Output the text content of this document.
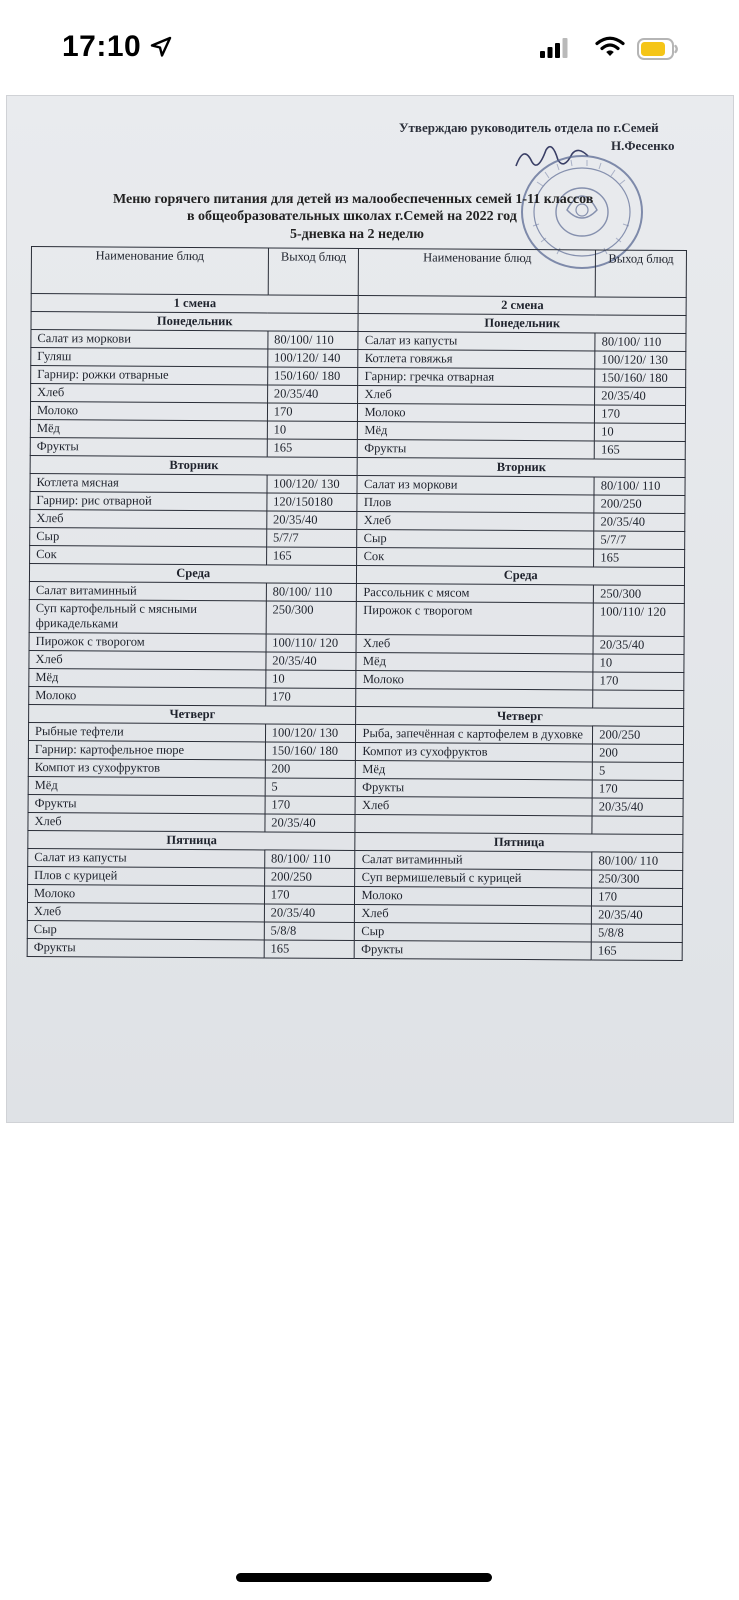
17:10
Утверждаю руководитель отдела по г.Семей
Н.Фесенко
Меню горячего питания для детей из малообеспеченных семей 1-11 классов
в общеобразовательных школах г.Семей на 2022 год
5-дневка на 2 неделю
Наименование блюд	Выход блюд	Наименование блюд	Выход блюд
1 смена		2 смена	
Понедельник		Понедельник	
Салат из моркови	80/100/ 110	Салат из капусты	80/100/ 110
Гуляш	100/120/ 140	Котлета говяжья	100/120/ 130
Гарнир: рожки отварные	150/160/ 180	Гарнир: гречка отварная	150/160/ 180
Хлеб	20/35/40	Хлеб	20/35/40
Молоко	170	Молоко	170
Мёд	10	Мёд	10
Фрукты	165	Фрукты	165
Вторник		Вторник	
Котлета мясная	100/120/ 130	Салат из моркови	80/100/ 110
Гарнир: рис отварной	120/150180	Плов	200/250
Хлеб	20/35/40	Хлеб	20/35/40
Сыр	5/7/7	Сыр	5/7/7
Сок	165	Сок	165
Среда		Среда	
Салат витаминный	80/100/ 110	Рассольник с мясом	250/300
Суп картофельный с мясными фрикадельками	250/300	Пирожок с творогом	100/110/ 120
Пирожок с творогом	100/110/ 120	Хлеб	20/35/40
Хлеб	20/35/40	Мёд	10
Мёд	10	Молоко	170
Молоко	170		
Четверг		Четверг	
Рыбные тефтели	100/120/ 130	Рыба, запечённая с картофелем в духовке	200/250
Гарнир: картофельное пюре	150/160/ 180	Компот из сухофруктов	200
Компот из сухофруктов	200	Мёд	5
Мёд	5	Фрукты	170
Фрукты	170	Хлеб	20/35/40
Хлеб	20/35/40		
Пятница		Пятница	
Салат из капусты	80/100/ 110	Салат витаминный	80/100/ 110
Плов с курицей	200/250	Суп вермишелевый с курицей	250/300
Молоко	170	Молоко	170
Хлеб	20/35/40	Хлеб	20/35/40
Сыр	5/8/8	Сыр	5/8/8
Фрукты	165	Фрукты	165
